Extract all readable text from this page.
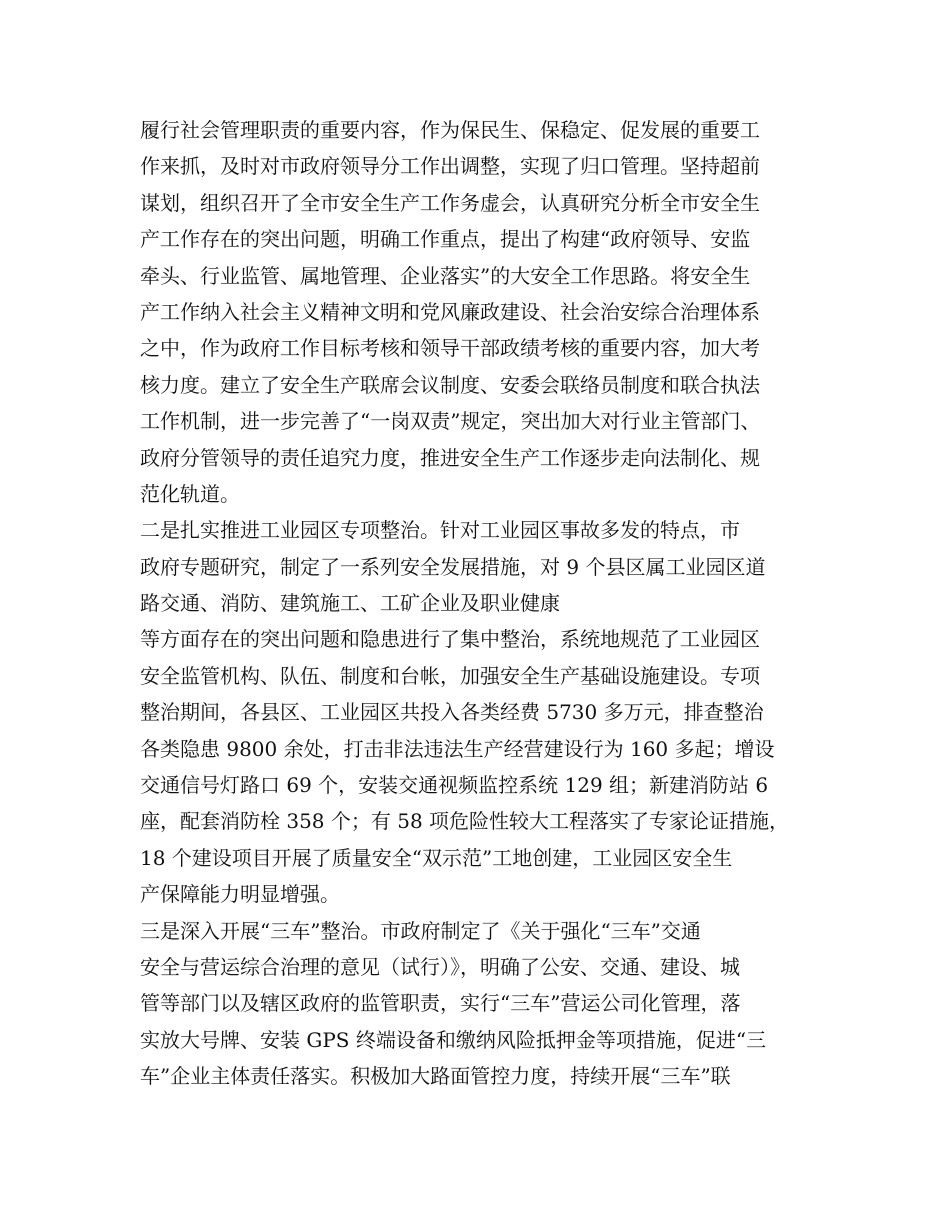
履行社会管理职责的重要内容，作为保民生、保稳定、促发展的重要工
作来抓，及时对市政府领导分工作出调整，实现了归口管理。坚持超前
谋划，组织召开了全市安全生产工作务虚会，认真研究分析全市安全生
产工作存在的突出问题，明确工作重点，提出了构建“政府领导、安监
牵头、行业监管、属地管理、企业落实”的大安全工作思路。将安全生
产工作纳入社会主义精神文明和党风廉政建设、社会治安综合治理体系
之中，作为政府工作目标考核和领导干部政绩考核的重要内容，加大考
核力度。建立了安全生产联席会议制度、安委会联络员制度和联合执法
工作机制，进一步完善了“一岗双责”规定，突出加大对行业主管部门、
政府分管领导的责任追究力度，推进安全生产工作逐步走向法制化、规
范化轨道。
二是扎实推进工业园区专项整治。针对工业园区事故多发的特点，市
政府专题研究，制定了一系列安全发展措施，对 9 个县区属工业园区道
路交通、消防、建筑施工、工矿企业及职业健康
等方面存在的突出问题和隐患进行了集中整治，系统地规范了工业园区
安全监管机构、队伍、制度和台帐，加强安全生产基础设施建设。专项
整治期间，各县区、工业园区共投入各类经费 5730 多万元，排查整治
各类隐患 9800 余处，打击非法违法生产经营建设行为 160 多起；增设
交通信号灯路口 69 个，安装交通视频监控系统 129 组；新建消防站 6
座，配套消防栓 358 个；有 58 项危险性较大工程落实了专家论证措施，
18 个建设项目开展了质量安全“双示范”工地创建，工业园区安全生
产保障能力明显增强。
三是深入开展“三车”整治。市政府制定了《关于强化“三车”交通
安全与营运综合治理的意见（试行）》，明确了公安、交通、建设、城
管等部门以及辖区政府的监管职责，实行“三车”营运公司化管理，落
实放大号牌、安装 GPS 终端设备和缴纳风险抵押金等项措施，促进“三
车”企业主体责任落实。积极加大路面管控力度，持续开展“三车”联
